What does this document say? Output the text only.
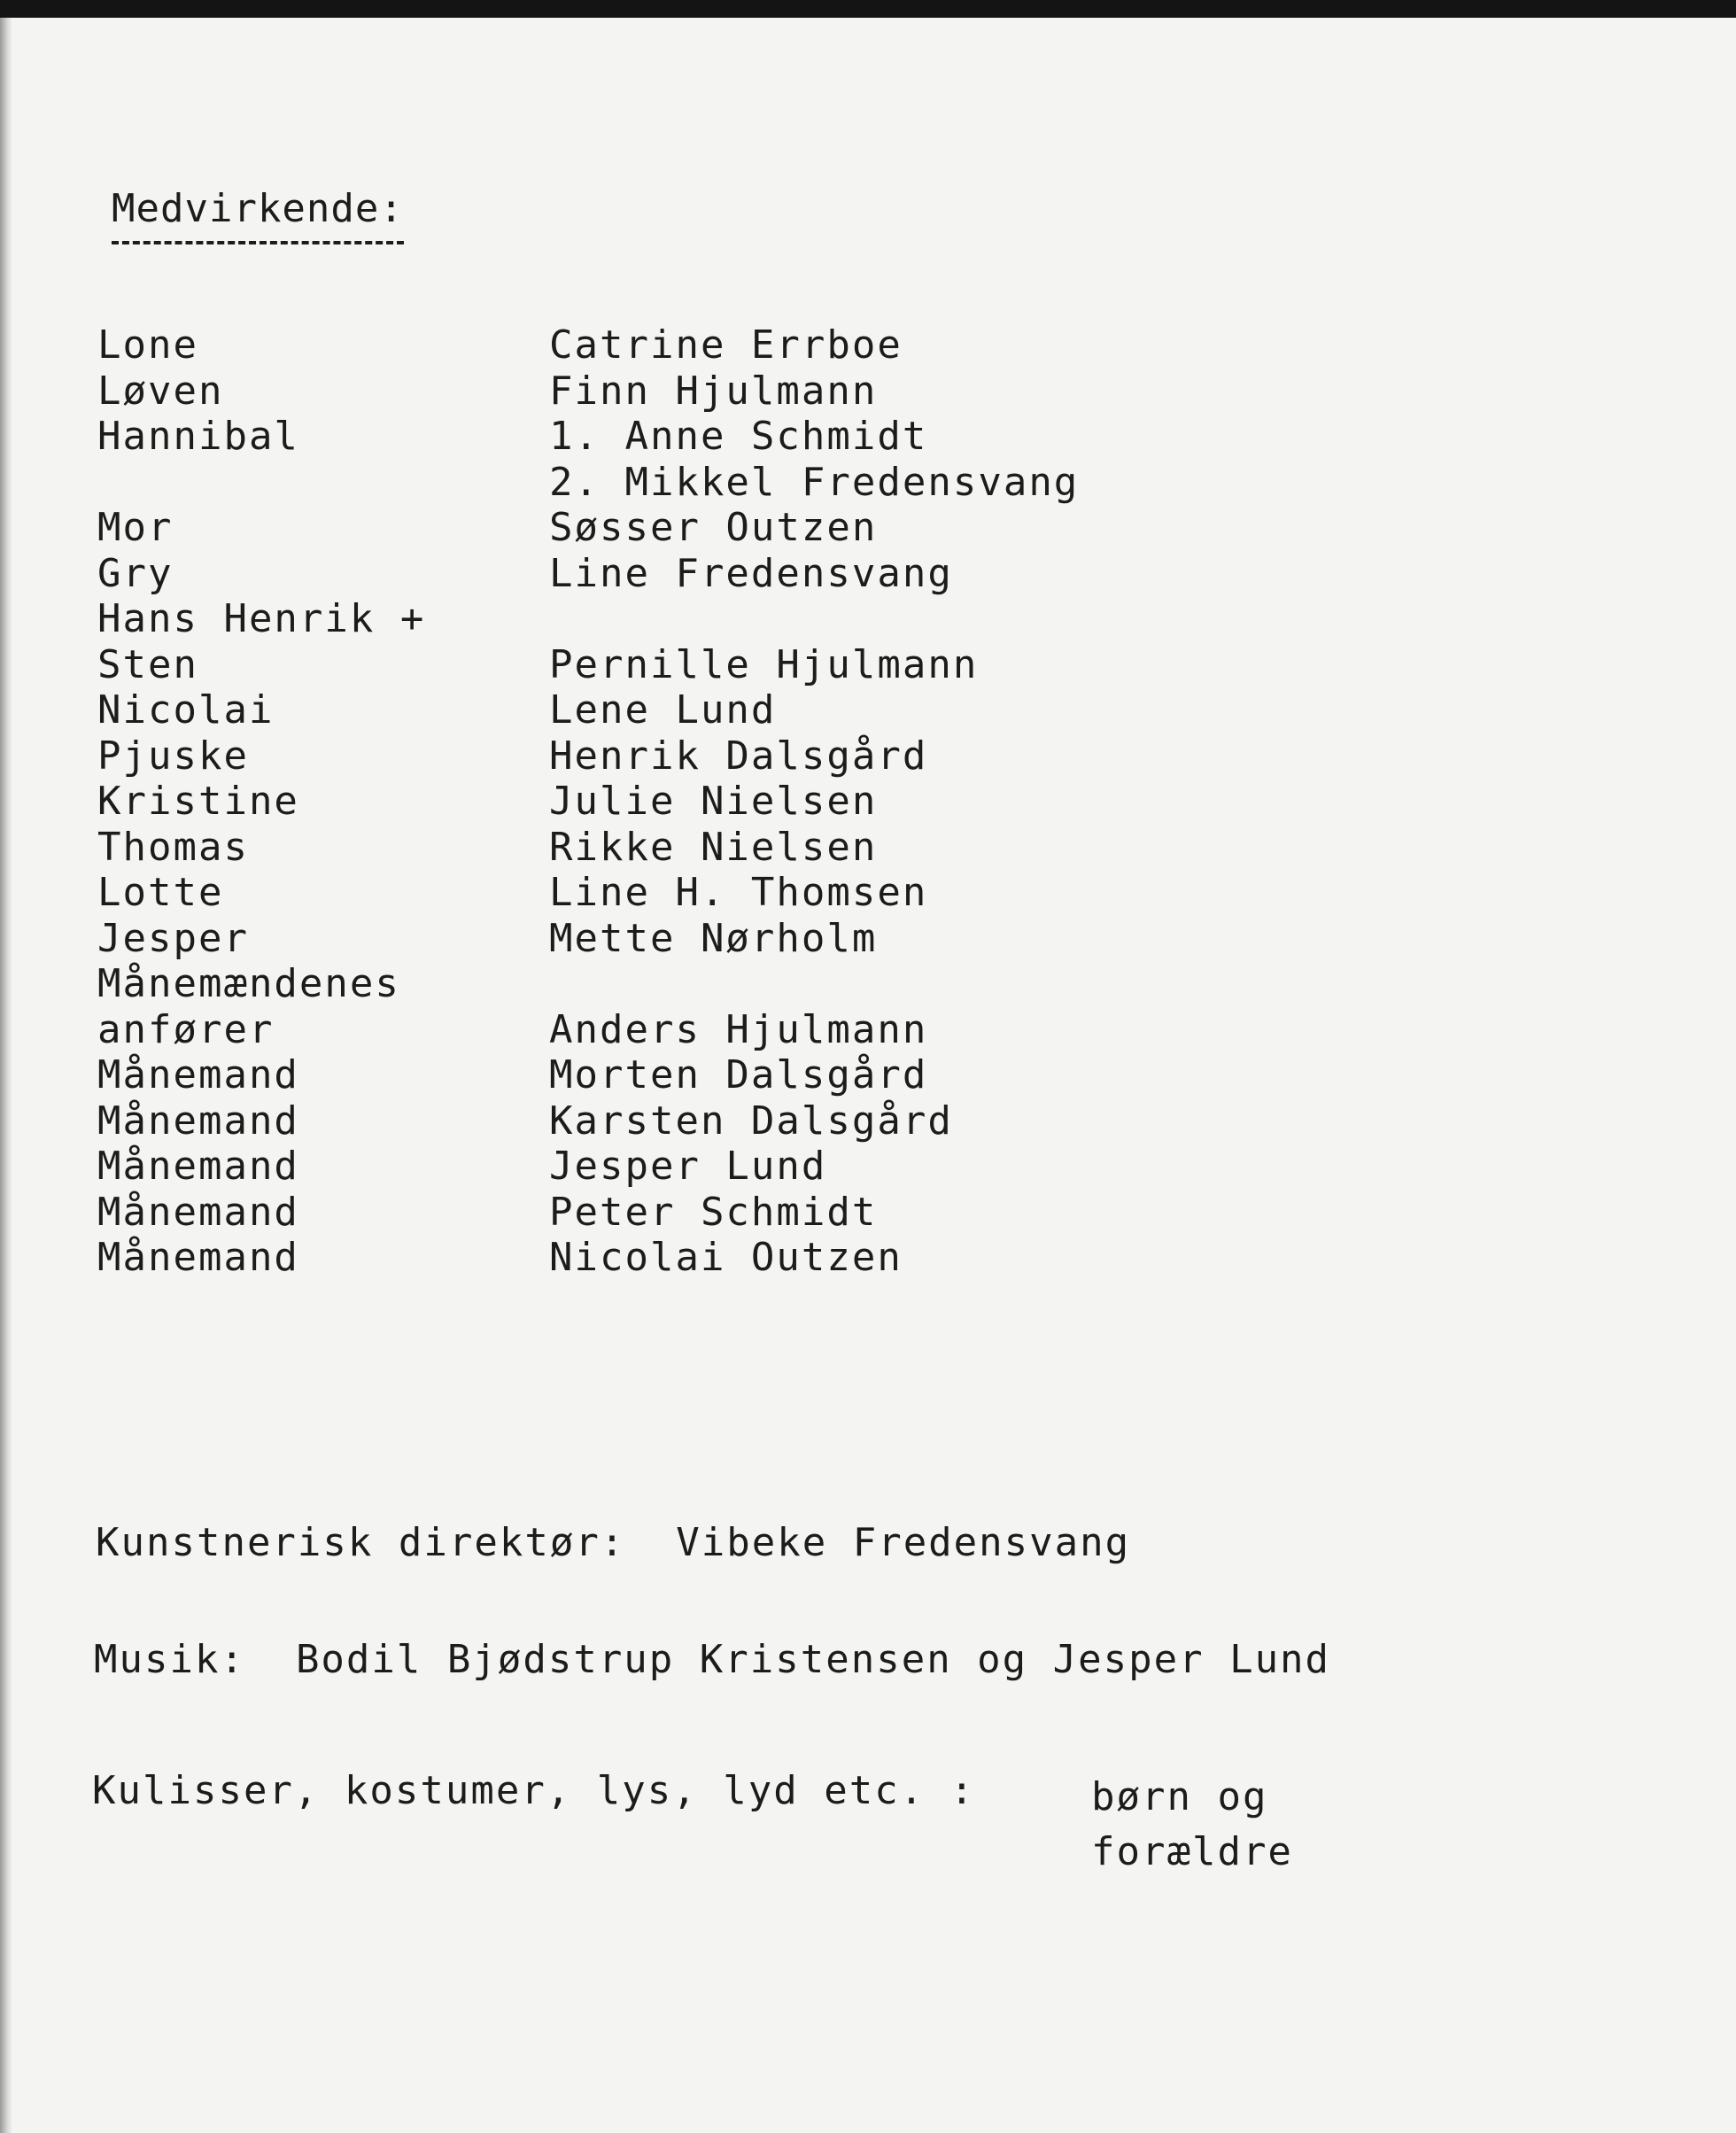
Medvirkende:
Lone	Catrine Errboe
Løven	Finn Hjulmann
Hannibal	1. Anne Schmidt
2. Mikkel Fredensvang
Mor	Søsser Outzen
Gry	Line Fredensvang
Hans Henrik +
Sten	Pernille Hjulmann
Nicolai	Lene Lund
Pjuske	Henrik Dalsgård
Kristine	Julie Nielsen
Thomas	Rikke Nielsen
Lotte	Line H. Thomsen
Jesper	Mette Nørholm
Månemændenes
anfører	Anders Hjulmann
Månemand	Morten Dalsgård
Månemand	Karsten Dalsgård
Månemand	Jesper Lund
Månemand	Peter Schmidt
Månemand	Nicolai Outzen
Kunstnerisk direktør: Vibeke Fredensvang
Musik: Bodil Bjødstrup Kristensen og Jesper Lund
Kulisser, kostumer, lys, lyd etc. :	børn og
forældre
